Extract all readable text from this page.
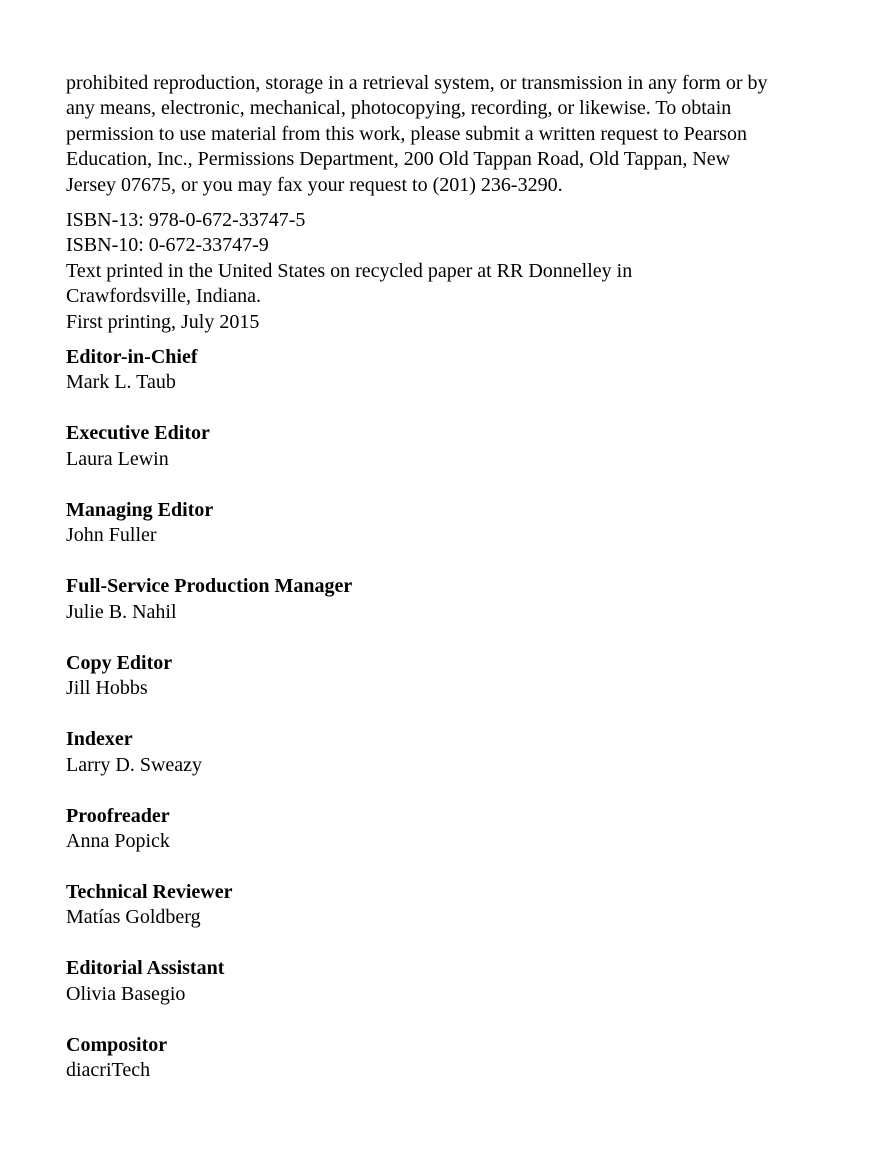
prohibited reproduction, storage in a retrieval system, or transmission in any form or by
any means, electronic, mechanical, photocopying, recording, or likewise. To obtain
permission to use material from this work, please submit a written request to Pearson
Education, Inc., Permissions Department, 200 Old Tappan Road, Old Tappan, New
Jersey 07675, or you may fax your request to (201) 236-3290.
ISBN-13: 978-0-672-33747-5
ISBN-10: 0-672-33747-9
Text printed in the United States on recycled paper at RR Donnelley in
Crawfordsville, Indiana.
First printing, July 2015
Editor-in-Chief
Mark L. Taub
Executive Editor
Laura Lewin
Managing Editor
John Fuller
Full-Service Production Manager
Julie B. Nahil
Copy Editor
Jill Hobbs
Indexer
Larry D. Sweazy
Proofreader
Anna Popick
Technical Reviewer
Matías Goldberg
Editorial Assistant
Olivia Basegio
Compositor
diacriTech
